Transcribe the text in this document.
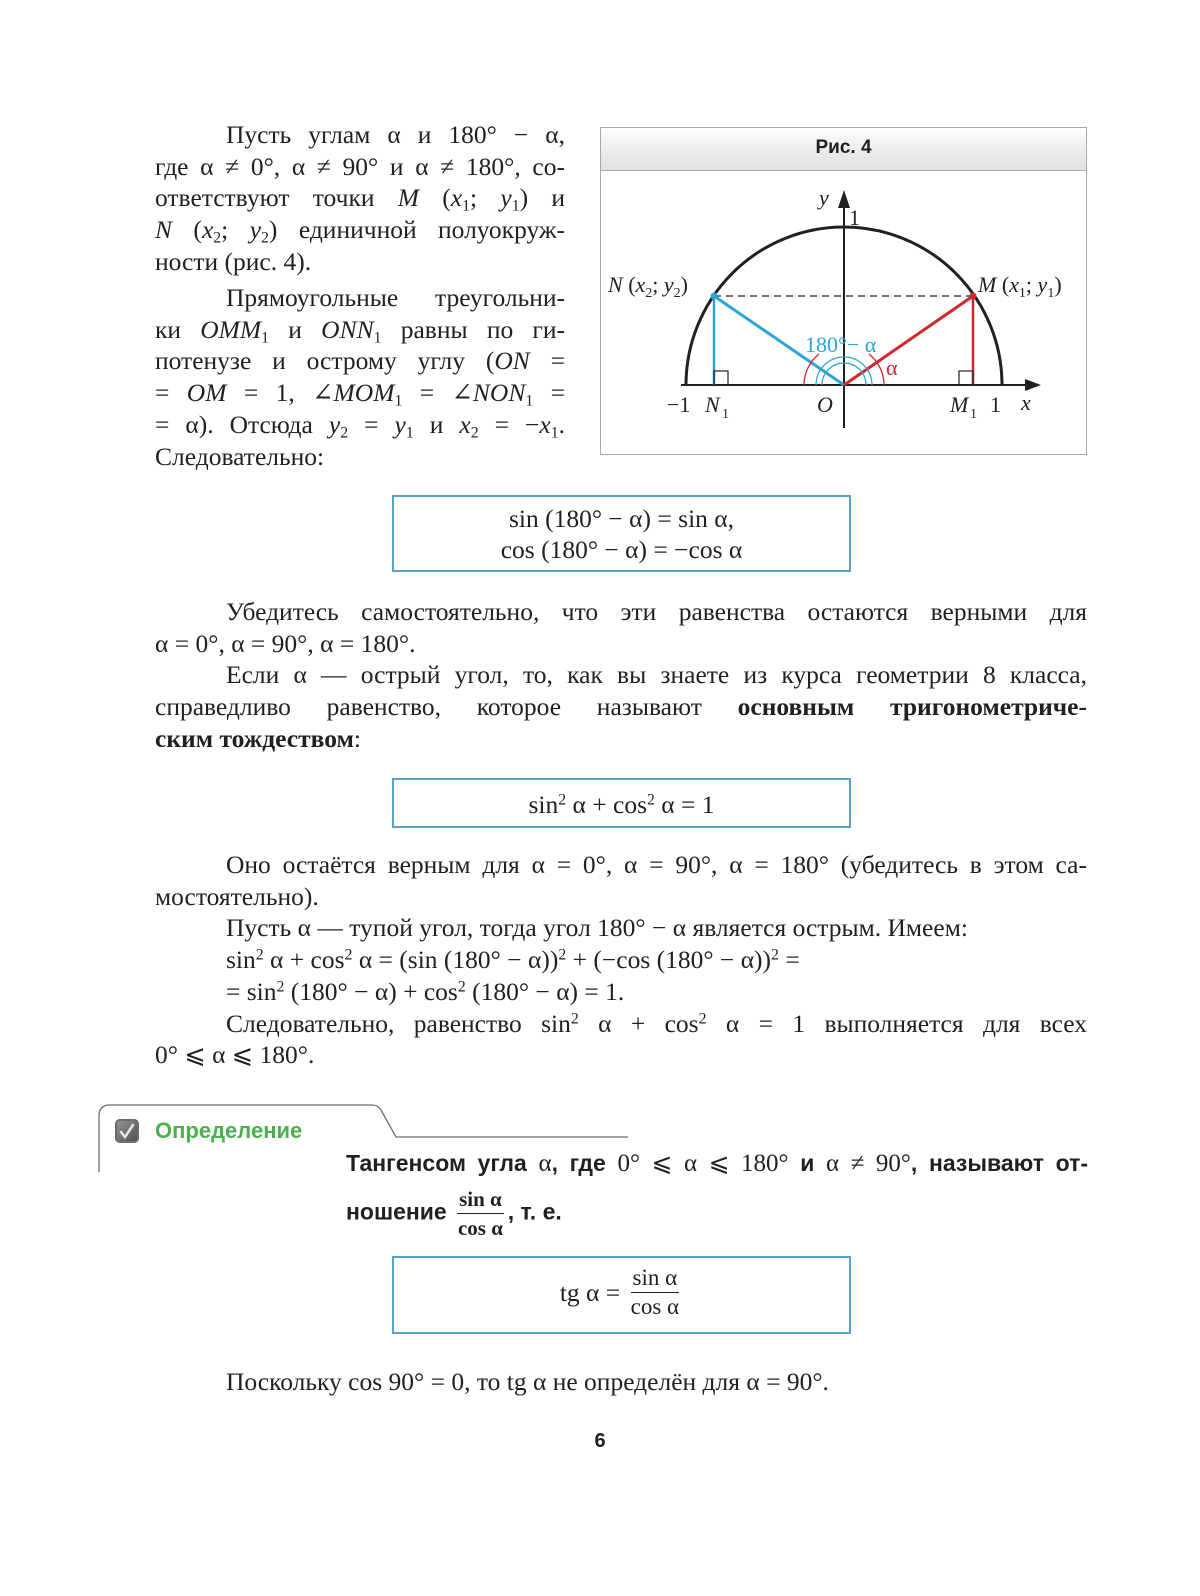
Пусть углам α и 180° − α,
где α ≠ 0°, α ≠ 90° и α ≠ 180°, со-
ответствуют точки M ($x_1$; $y_1$) и
N ($x_2$; $y_2$) единичной полуокруж-
ности (рис. 4).
Прямоугольные треугольни-
ки $OMM_1$ и $ONN_1$ равны по ги-
потенузе и острому углу (ON =
= OM = 1, $\angle MOM_1$ = $\angle NON_1$ =
= α). Отсюда $y_2 = y_1$ и $x_2 = -x_1$.
Следовательно:
Рис. 4
y
1
−1 N 1	O	M 1 1 x
N ($x_2$; $y_2$)	M ($x_1$; $y_1$)
180°− α
α
sin (180° − α) = sin α,
cos (180° − α) = −cos α
Убедитесь самостоятельно, что эти равенства остаются верными для
α = 0°, α = 90°, α = 180°.
Если α — острый угол, то, как вы знаете из курса геометрии 8 класса,
справедливо равенство, которое называют основным тригонометриче-
ским тождеством:
$\sin^2 \alpha + \cos^2 \alpha = 1$
Оно остаётся верным для α = 0°, α = 90°, α = 180° (убедитесь в этом са-
мостоятельно).
Пусть α — тупой угол, тогда угол 180° − α является острым. Имеем:
$\sin^2 \alpha + \cos^2 \alpha = (\sin$ (180° − α))$^2$ + (−cos (180° − α))$^2$ =
= $\sin^2 (180^\circ - \alpha) + \cos^2 (180^\circ - \alpha) = 1$.
Следовательно, равенство $\sin^2 \alpha + \cos^2 \alpha = 1$ выполняется для всех
0° ⩽ α ⩽ 180°.
Определение
Тангенсом угла α, где 0° ⩽ α ⩽ 180° и α ≠ 90°, называют от-
ношение $\frac{\text{sin α}}{\text{cos α}}$ , т. е.
tg $\alpha = \frac{\text{sin α}}{\text{cos α}}$
Поскольку cos 90° = 0, то tg α не определён для α = 90°.
6
